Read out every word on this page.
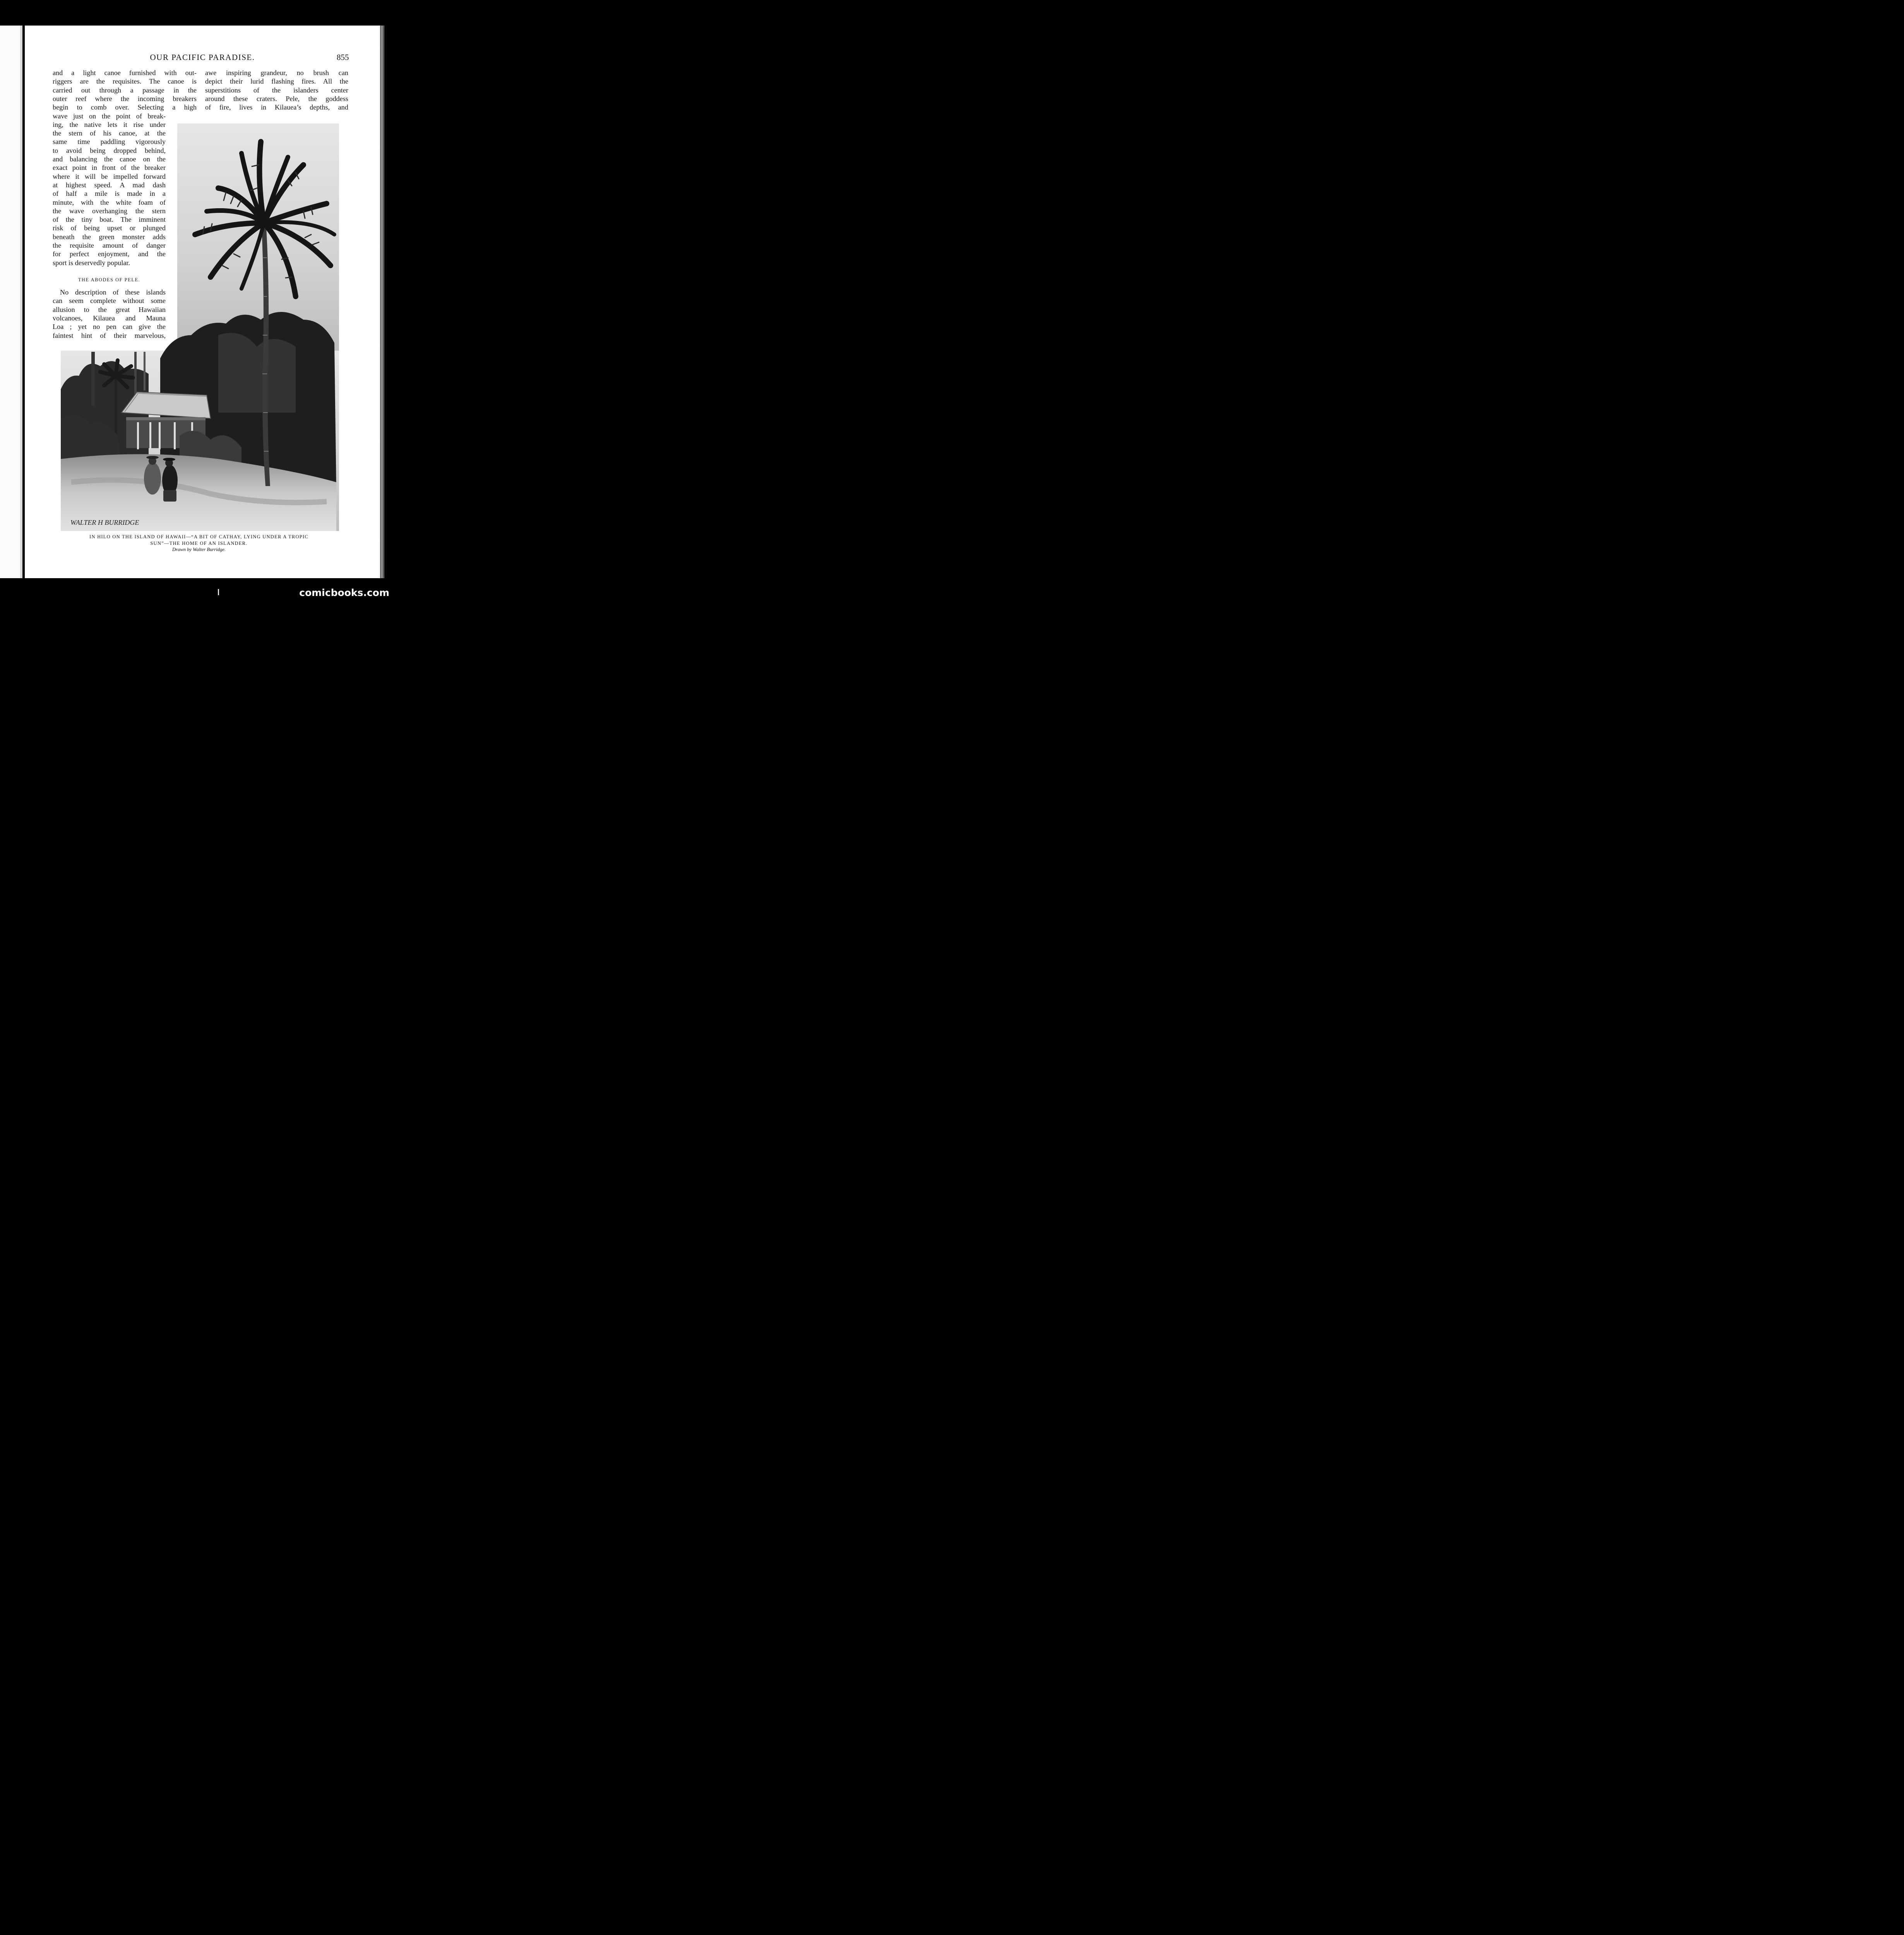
OUR PACIFIC PARADISE.	855
WALTER H BURRIDGE
and a light canoe furnished with out-
riggers are the requisites. The canoe is
carried out through a passage in the
outer reef where the incoming breakers
begin to comb over. Selecting a high
wave just on the point of break-
ing, the native lets it rise under
the stern of his canoe, at the
same time paddling vigorously
to avoid being dropped behind,
and balancing the canoe on the
exact point in front of the breaker
where it will be impelled forward
at highest speed. A mad dash
of half a mile is made in a
minute, with the white foam of
the wave overhanging the stern
of the tiny boat. The imminent
risk of being upset or plunged
beneath the green monster adds
the requisite amount of danger
for perfect enjoyment, and the
sport is deservedly popular.
THE ABODES OF PELE.
No description of these islands
can seem complete without some
allusion to the great Hawaiian
volcanoes, Kilauea and Mauna
Loa ; yet no pen can give the
faintest hint of their marvelous,
awe inspiring grandeur, no brush can
depict their lurid flashing fires. All the
superstitions of the islanders center
around these craters. Pele, the goddess
of fire, lives in Kilauea’s depths, and
IN HILO ON THE ISLAND OF HAWAII—“A BIT OF CATHAY, LYING UNDER A TROPIC
SUN”—THE HOME OF AN ISLANDER.
Drawn by Walter Burridge.
comicbooks.com
